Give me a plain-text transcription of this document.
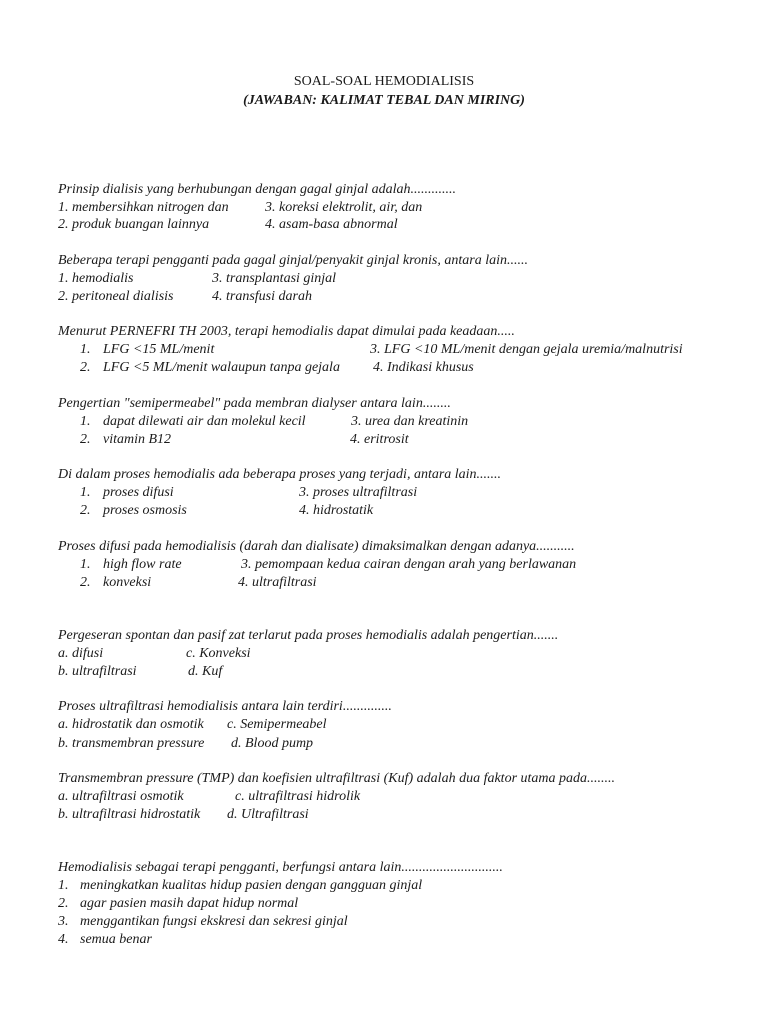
SOAL-SOAL HEMODIALISIS
(JAWABAN: KALIMAT TEBAL DAN MIRING)
Prinsip dialisis yang berhubungan dengan gagal ginjal adalah.............
1. membersihkan nitrogen dan	3. koreksi elektrolit, air, dan
2. produk buangan lainnya	4. asam-basa abnormal
Beberapa terapi pengganti pada gagal ginjal/penyakit ginjal kronis, antara lain......
1. hemodialis	3. transplantasi ginjal
2. peritoneal dialisis	4. transfusi darah
Menurut PERNEFRI TH 2003, terapi hemodialis dapat dimulai pada keadaan.....
1. LFG <15 ML/menit	3. LFG <10 ML/menit dengan gejala uremia/malnutrisi
2. LFG <5 ML/menit walaupun tanpa gejala 4. Indikasi khusus
Pengertian "semipermeabel" pada membran dialyser antara lain........
1. dapat dilewati air dan molekul kecil	3. urea dan kreatinin
2. vitamin B12	4. eritrosit
Di dalam proses hemodialis ada beberapa proses yang terjadi, antara lain.......
1. proses difusi	3. proses ultrafiltrasi
2. proses osmosis	4. hidrostatik
Proses difusi pada hemodialisis (darah dan dialisate) dimaksimalkan dengan adanya...........
1. high flow rate	3. pemompaan kedua cairan dengan arah yang berlawanan
2. konveksi	4. ultrafiltrasi
Pergeseran spontan dan pasif zat terlarut pada proses hemodialis adalah pengertian.......
a. difusi	c. Konveksi
b. ultrafiltrasi	d. Kuf
Proses ultrafiltrasi hemodialisis antara lain terdiri..............
a. hidrostatik dan osmotik c. Semipermeabel
b. transmembran pressure d. Blood pump
Transmembran pressure (TMP) dan koefisien ultrafiltrasi (Kuf) adalah dua faktor utama pada........
a. ultrafiltrasi osmotik	c. ultrafiltrasi hidrolik
b. ultrafiltrasi hidrostatik d. Ultrafiltrasi
Hemodialisis sebagai terapi pengganti, berfungsi antara lain.............................
1. meningkatkan kualitas hidup pasien dengan gangguan ginjal
2. agar pasien masih dapat hidup normal
3. menggantikan fungsi ekskresi dan sekresi ginjal
4. semua benar
